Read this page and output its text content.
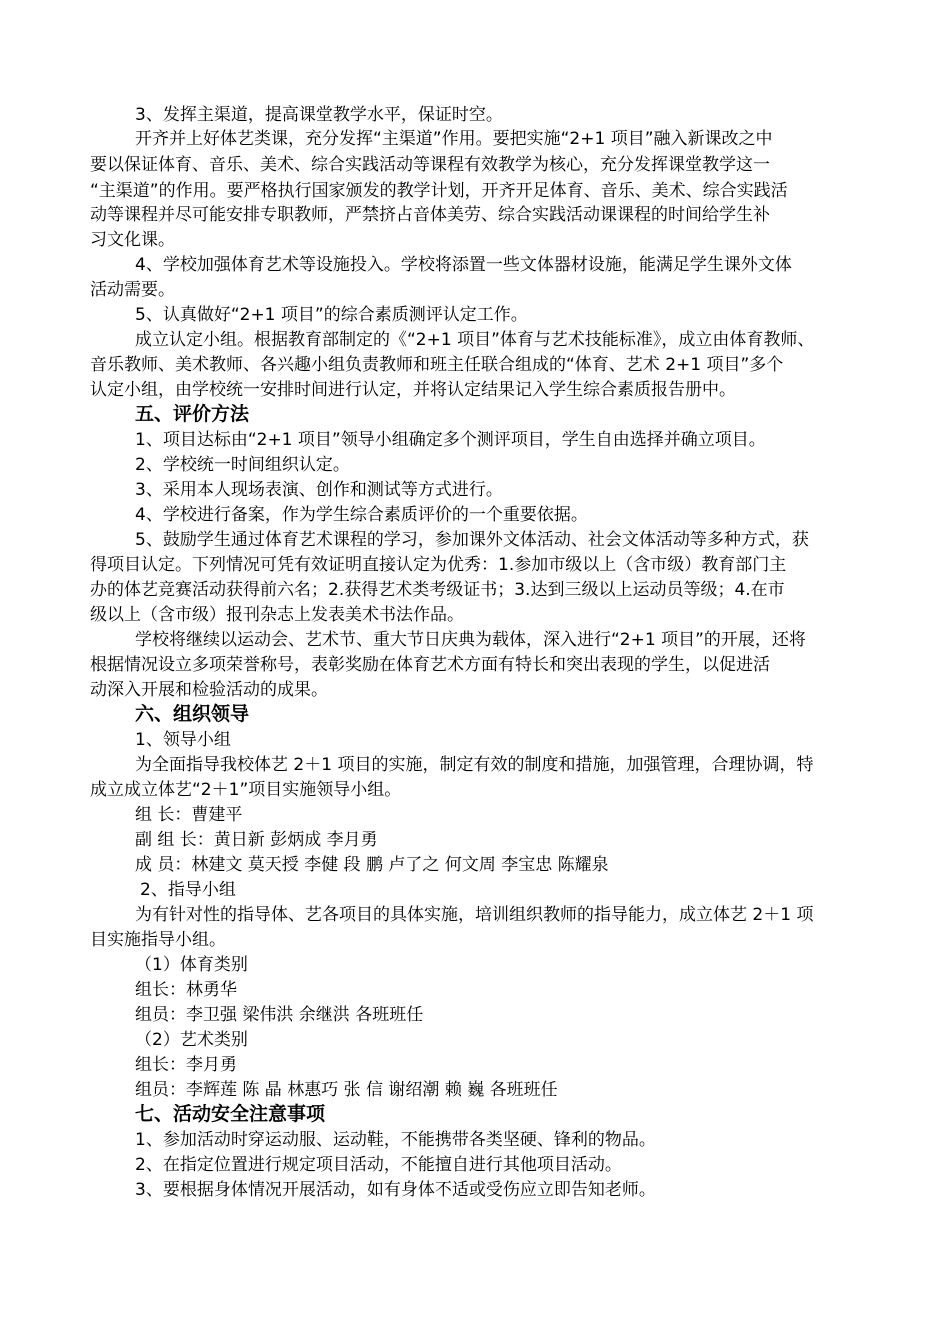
3、发挥主渠道，提高课堂教学水平，保证时空。
开齐并上好体艺类课，充分发挥“主渠道”作用。要把实施“2+1 项目”融入新课改之中
要以保证体育、音乐、美术、综合实践活动等课程有效教学为核心，充分发挥课堂教学这一
“主渠道”的作用。要严格执行国家颁发的教学计划，开齐开足体育、音乐、美术、综合实践活
动等课程并尽可能安排专职教师，严禁挤占音体美劳、综合实践活动课课程的时间给学生补
习文化课。
4、学校加强体育艺术等设施投入。学校将添置一些文体器材设施，能满足学生课外文体
活动需要。
5、认真做好“2+1 项目”的综合素质测评认定工作。
成立认定小组。根据教育部制定的《“2+1 项目”体育与艺术技能标准》，成立由体育教师、
音乐教师、美术教师、各兴趣小组负责教师和班主任联合组成的“体育、艺术 2+1 项目”多个
认定小组，由学校统一安排时间进行认定，并将认定结果记入学生综合素质报告册中。
五、评价方法
1、项目达标由“2+1 项目”领导小组确定多个测评项目，学生自由选择并确立项目。
2、学校统一时间组织认定。
3、采用本人现场表演、创作和测试等方式进行。
4、学校进行备案，作为学生综合素质评价的一个重要依据。
5、鼓励学生通过体育艺术课程的学习，参加课外文体活动、社会文体活动等多种方式，获
得项目认定。下列情况可凭有效证明直接认定为优秀：1.参加市级以上（含市级）教育部门主
办的体艺竞赛活动获得前六名；2.获得艺术类考级证书；3.达到三级以上运动员等级；4.在市
级以上（含市级）报刊杂志上发表美术书法作品。
学校将继续以运动会、艺术节、重大节日庆典为载体，深入进行“2+1 项目”的开展，还将
根据情况设立多项荣誉称号，表彰奖励在体育艺术方面有特长和突出表现的学生，以促进活
动深入开展和检验活动的成果。
六、组织领导
1、领导小组
为全面指导我校体艺 2＋1 项目的实施，制定有效的制度和措施，加强管理，合理协调，特
成立成立体艺“2＋1”项目实施领导小组。
组 长：曹建平
副 组 长：黄日新 彭炳成 李月勇
成 员：林建文 莫天授 李健 段 鹏 卢了之 何文周 李宝忠 陈耀泉
2、指导小组
为有针对性的指导体、艺各项目的具体实施，培训组织教师的指导能力，成立体艺 2＋1 项
目实施指导小组。
（1）体育类别
组长：林勇华
组员：李卫强 梁伟洪 余继洪 各班班任
（2）艺术类别
组长：李月勇
组员：李辉莲 陈 晶 林惠巧 张 信 谢绍潮 赖 巍 各班班任
七、活动安全注意事项
1、参加活动时穿运动服、运动鞋，不能携带各类坚硬、锋利的物品。
2、在指定位置进行规定项目活动，不能擅自进行其他项目活动。
3、要根据身体情况开展活动，如有身体不适或受伤应立即告知老师。
